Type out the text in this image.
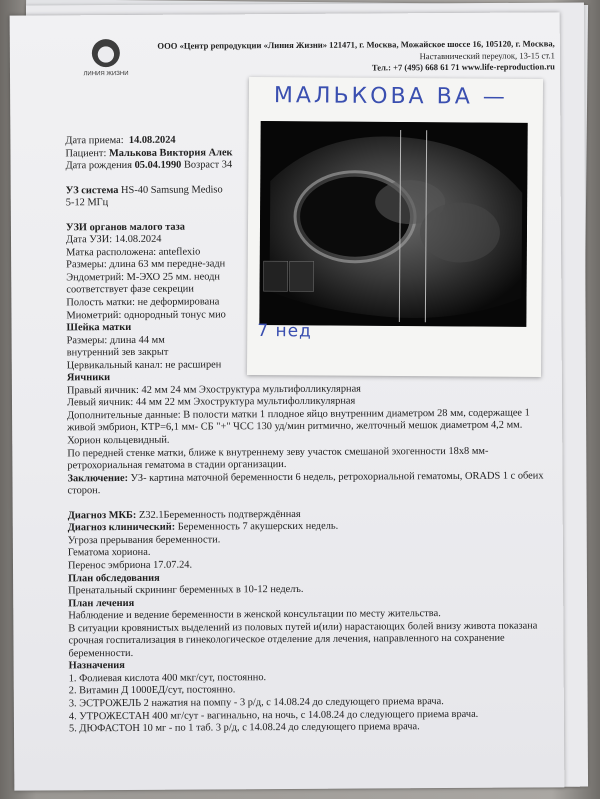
ЛИНИЯ ЖИЗНИ
ООО «Центр репродукции «Линия Жизни» 121471, г. Москва, Можайское шоссе 16, 105120, г. Москва,
Наставнический переулок, 13-15 ст.1
Тел.: +7 (495) 668 61 71 www.life-reproduction.ru
Дата приема: 14.08.2024
Пациент: Малькова Виктория Алек
Дата рождения 05.04.1990 Возраст 34
УЗ система HS-40 Samsung Mediso
5-12 МГц
УЗИ органов малого таза
Дата УЗИ: 14.08.2024
Матка расположена: anteflexio
Размеры: длина 63 мм передне-задн
Эндометрий: М-ЭХО 25 мм. неодн
соответствует фазе секреции
Полость матки: не деформирована
Миометрий: однородный тонус мио
Шейка матки
Размеры: длина 44 мм
внутренний зев закрыт
Цервикальный канал: не расширен
Яичники
Правый яичник: 42 мм 24 мм Эхоструктура мультифолликулярная
Левый яичник: 44 мм 22 мм Эхоструктура мультифолликулярная
Дополнительные данные: В полости матки 1 плодное яйцо внутренним диаметром 28 мм, содержащее 1 живой эмбрион, КТР=6,1 мм- СБ "+" ЧСС 130 уд/мин ритмично, желточный мешок диаметром 4,2 мм. Хорион кольцевидный.
По передней стенке матки, ближе к внутреннему зеву участок смешаной эхогенности 18х8 мм- ретрохориальная гематома в стадии организации.
Заключение: УЗ- картина маточной беременности 6 недель, ретрохориальной гематомы, ORADS 1 с обеих сторон.
Диагноз МКБ: Z32.1Беременность подтверждённая
Диагноз клинический: Беременность 7 акушерских недель.
Угроза прерывания беременности.
Гематома хориона.
Перенос эмбриона 17.07.24.
План обследования
Пренатальный скрининг беременных в 10-12 неделъ.
План лечения
Наблюдение и ведение беременности в женской консультации по месту жительства.
В ситуации кровянистых выделений из половых путей и(или) нарастающих болей внизу живота показана срочная госпитализация в гинекологическое отделение для лечения, направленного на сохранение беременности.
Назначения
1. Фолиевая кислота 400 мкг/сут, постоянно.
2. Витамин Д 1000ЕД/сут, постоянно.
3. ЭСТРОЖЕЛЬ 2 нажатия на помпу - 3 р/д, с 14.08.24 до следующего приема врача.
4. УТРОЖЕСТАН 400 мг/сут - вагинально, на ночь, с 14.08.24 до следующего приема врача.
5. ДЮФАСТОН 10 мг - по 1 таб. 3 р/д, с 14.08.24 до следующего приема врача.
МАЛЬКОВА ВА —
7 нед
